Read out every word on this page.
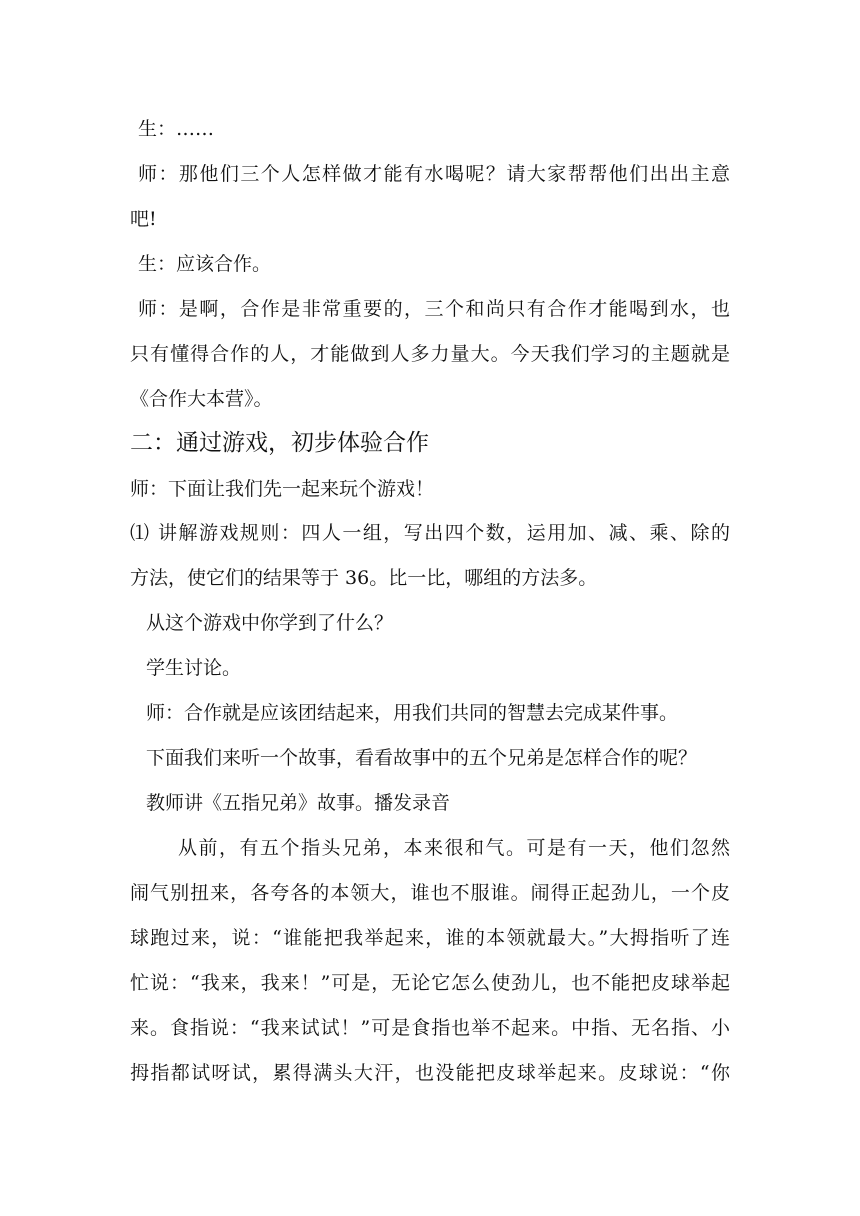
生：……
师：那他们三个人怎样做才能有水喝呢？请大家帮帮他们出出主意
吧!
生：应该合作。
师：是啊，合作是非常重要的，三个和尚只有合作才能喝到水，也
只有懂得合作的人，才能做到人多力量大。今天我们学习的主题就是
《合作大本营》。
二：通过游戏，初步体验合作
师：下面让我们先一起来玩个游戏！
⑴ 讲解游戏规则：四人一组，写出四个数，运用加、减、乘、除的
方法，使它们的结果等于 36。比一比，哪组的方法多。
从这个游戏中你学到了什么？
学生讨论。
师：合作就是应该团结起来，用我们共同的智慧去完成某件事。
下面我们来听一个故事，看看故事中的五个兄弟是怎样合作的呢？
教师讲《五指兄弟》故事。播发录音
从前，有五个指头兄弟，本来很和气。可是有一天，他们忽然
闹气别扭来，各夸各的本领大，谁也不服谁。闹得正起劲儿，一个皮
球跑过来，说：“谁能把我举起来，谁的本领就最大。”大拇指听了连
忙说：“我来，我来！”可是，无论它怎么使劲儿，也不能把皮球举起
来。食指说：“我来试试！”可是食指也举不起来。中指、无名指、小
拇指都试呀试，累得满头大汗，也没能把皮球举起来。皮球说：“你
